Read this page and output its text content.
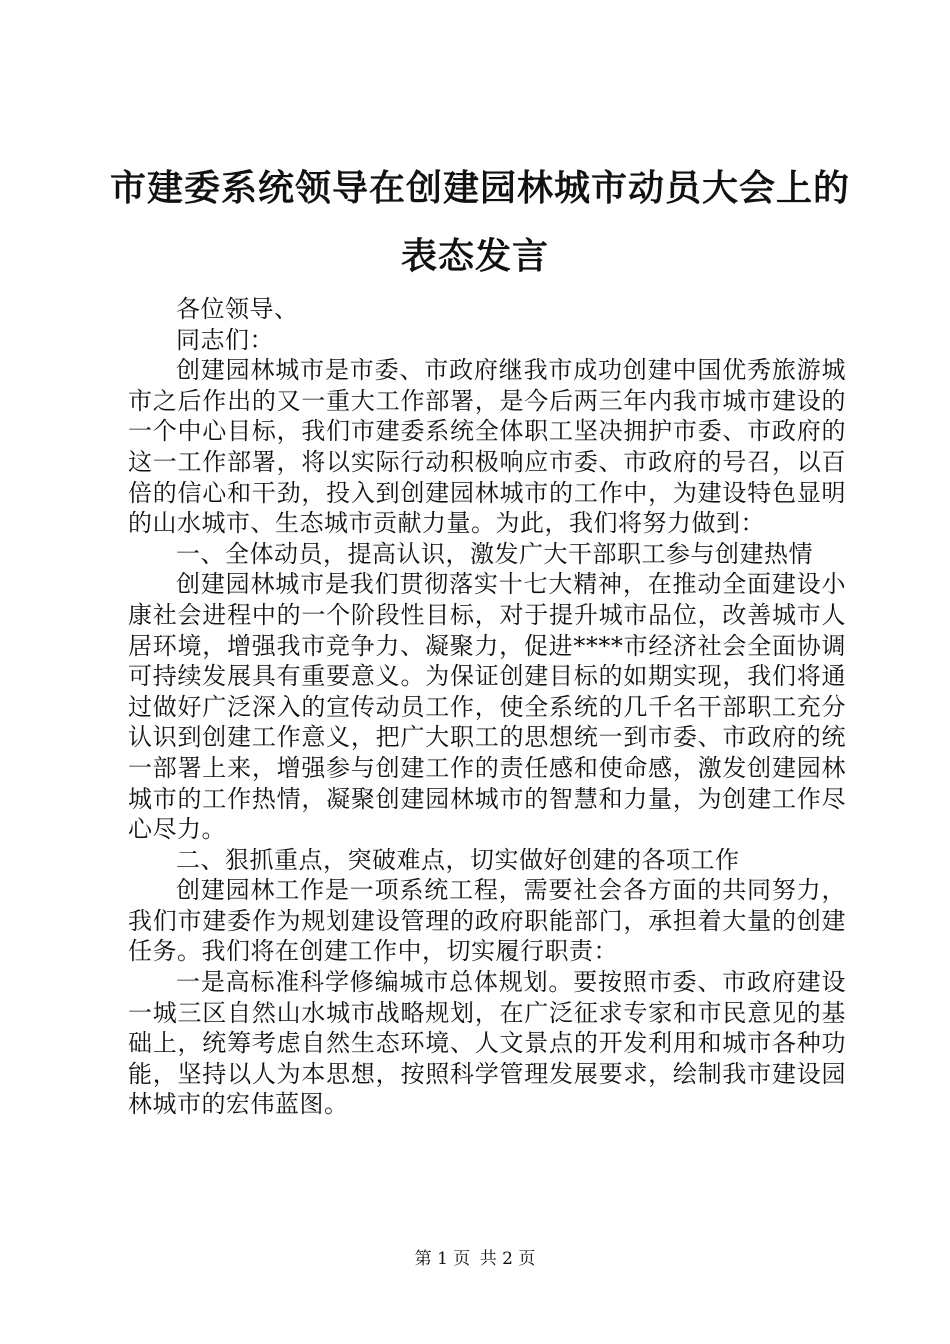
市建委系统领导在创建园林城市动员大会上的
表态发言

各位领导、

同志们：

创建园林城市是市委、市政府继我市成功创建中国优秀旅游城市之后作出的又一重大工作部署，是今后两三年内我市城市建设的一个中心目标，我们市建委系统全体职工坚决拥护市委、市政府的这一工作部署，将以实际行动积极响应市委、市政府的号召，以百倍的信心和干劲，投入到创建园林城市的工作中，为建设特色显明的山水城市、生态城市贡献力量。为此，我们将努力做到：

一、全体动员，提高认识，激发广大干部职工参与创建热情

创建园林城市是我们贯彻落实十七大精神，在推动全面建设小康社会进程中的一个阶段性目标，对于提升城市品位，改善城市人居环境，增强我市竞争力、凝聚力，促进****市经济社会全面协调可持续发展具有重要意义。为保证创建目标的如期实现，我们将通过做好广泛深入的宣传动员工作，使全系统的几千名干部职工充分认识到创建工作意义，把广大职工的思想统一到市委、市政府的统一部署上来，增强参与创建工作的责任感和使命感，激发创建园林城市的工作热情，凝聚创建园林城市的智慧和力量，为创建工作尽心尽力。

二、狠抓重点，突破难点，切实做好创建的各项工作

创建园林工作是一项系统工程，需要社会各方面的共同努力，我们市建委作为规划建设管理的政府职能部门，承担着大量的创建任务。我们将在创建工作中，切实履行职责：

一是高标准科学修编城市总体规划。要按照市委、市政府建设一城三区自然山水城市战略规划，在广泛征求专家和市民意见的基础上，统筹考虑自然生态环境、人文景点的开发利用和城市各种功能，坚持以人为本思想，按照科学管理发展要求，绘制我市建设园林城市的宏伟蓝图。

第 1 页 共 2 页
